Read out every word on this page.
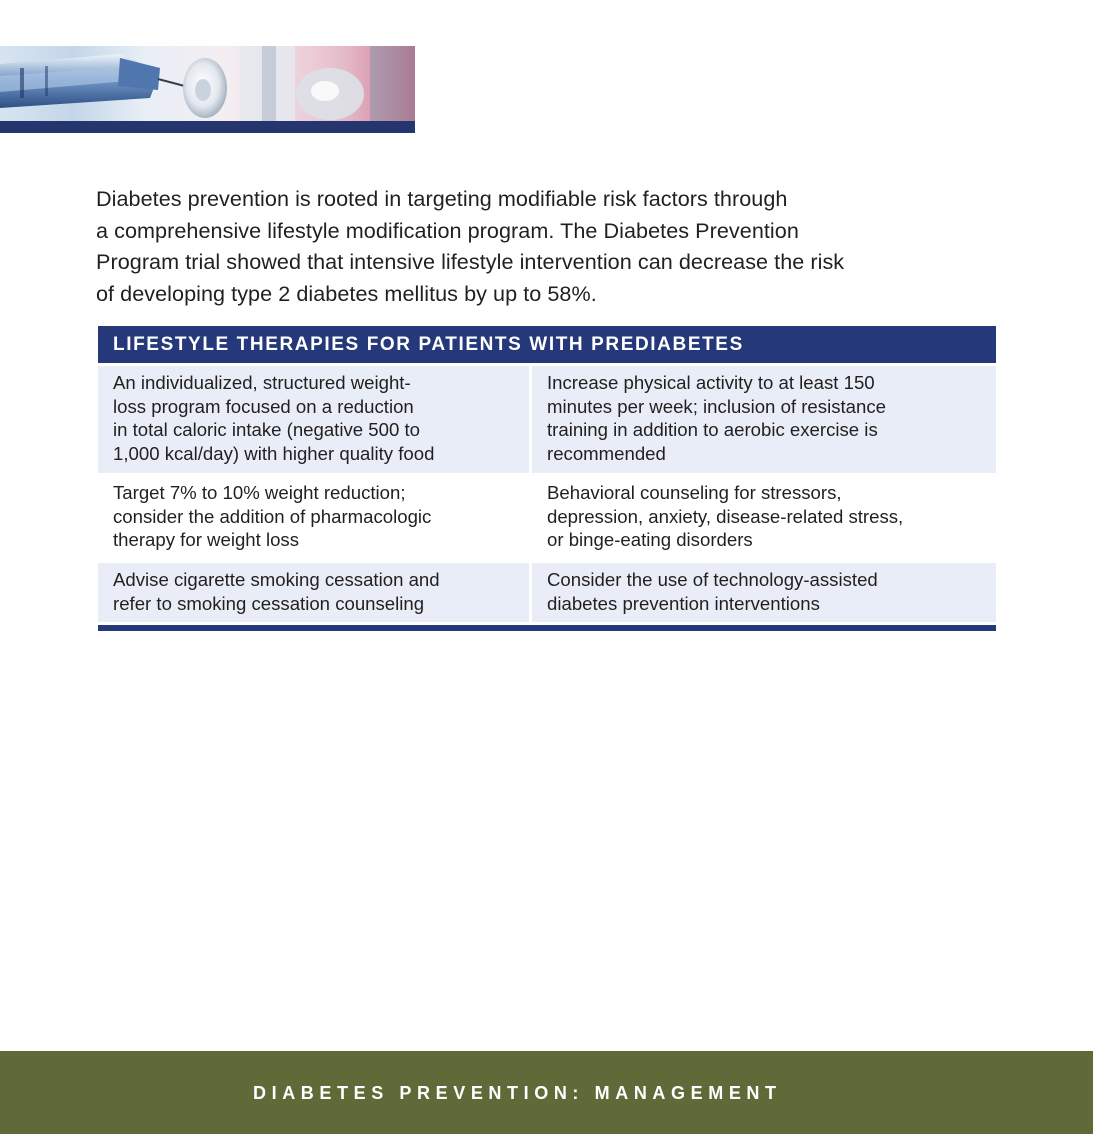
Diabetes prevention is rooted in targeting modifiable risk factors through
a comprehensive lifestyle modification program. The Diabetes Prevention
Program trial showed that intensive lifestyle intervention can decrease the risk
of developing type 2 diabetes mellitus by up to 58%.

LIFESTYLE THERAPIES FOR PATIENTS WITH PREDIABETES
An individualized, structured weight-
loss program focused on a reduction
in total caloric intake (negative 500 to
1,000 kcal/day) with higher quality food
Increase physical activity to at least 150
minutes per week; inclusion of resistance
training in addition to aerobic exercise is
recommended
Target 7% to 10% weight reduction;
consider the addition of pharmacologic
therapy for weight loss
Behavioral counseling for stressors,
depression, anxiety, disease-related stress,
or binge-eating disorders
Advise cigarette smoking cessation and
refer to smoking cessation counseling
Consider the use of technology-assisted
diabetes prevention interventions
DIABETES PREVENTION: MANAGEMENT
